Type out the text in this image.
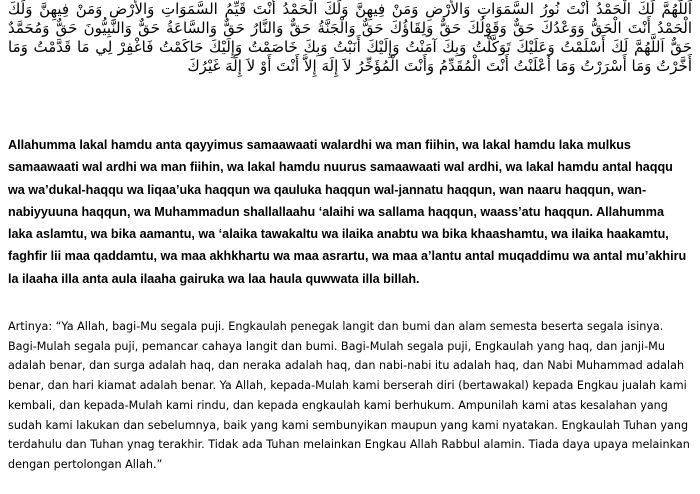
اَللَّهُمَّ لَكَ الْحَمْدُ أَنْتَ نُورُ السَّمَوَاتِ وَالأَرْضِ وَمَنْ فِيهِنَّ وَلَكَ الْحَمْدُ أَنْتَ قَيِّمُ السَّمَوَاتِ وَالأَرْضِ وَمَنْ فِيهِنَّ وَلَكَ الْحَمْدُ أَنْتَ الْحَقُّ وَوَعْدُكَ حَقٌّ وَقَوْلُكَ حَقٌّ وَلِقَاؤُكَ حَقٌّ وَالْجَنَّةُ حَقٌّ وَالنَّارُ حَقٌّ وَالسَّاعَةُ حَقٌّ وَالنَّبِيُّونَ حَقٌّ وَمُحَمَّدٌ حَقٌّ اَللَّهُمَّ لَكَ أَسْلَمْتُ وَعَلَيْكَ تَوَكَّلْتُ وَبِكَ آمَنْتُ وَإِلَيْكَ أَنَبْتُ وَبِكَ خَاصَمْتُ وَإِلَيْكَ حَاكَمْتُ فَاغْفِرْ لِي مَا قَدَّمْتُ وَمَا أَخَّرْتُ وَمَا أَسْرَرْتُ وَمَا أَعْلَنْتُ أَنْتَ الْمُقَدِّمُ وَأَنْتَ الْمُؤَخِّرُ لاَ إِلَهَ إِلاَّ أَنْتَ أَوْ لاَ إِلَهَ غَيْرُكَ

Allahumma lakal hamdu anta qayyimus samaawaati walardhi wa man fiihin, wa lakal hamdu laka mulkus samaawaati wal ardhi wa man fiihin, wa lakal hamdu nuurus samaawaati wal ardhi, wa lakal hamdu antal haqqu wa wa’dukal-haqqu wa liqaa’uka haqqun wa qauluka haqqun wal-jannatu haqqun, wan naaru haqqun, wan-nabiyyuuna haqqun, wa Muhammadun shallallaahu ‘alaihi wa sallama haqqun, waass’atu haqqun. Allahumma laka aslamtu, wa bika aamantu, wa ‘alaika tawakaltu wa ilaika anabtu wa bika khaashamtu, wa ilaika haakamtu, faghfir lii maa qaddamtu, wa maa akhkhartu wa maa asrartu, wa maa a’lantu antal muqaddimu wa antal mu’akhiru la ilaaha illa anta aula ilaaha gairuka wa laa haula quwwata illa billah.

Artinya: “Ya Allah, bagi-Mu segala puji. Engkaulah penegak langit dan bumi dan alam semesta beserta segala isinya. Bagi-Mulah segala puji, pemancar cahaya langit dan bumi. Bagi-Mulah segala puji, Engkaulah yang haq, dan janji-Mu adalah benar, dan surga adalah haq, dan neraka adalah haq, dan nabi-nabi itu adalah haq, dan Nabi Muhammad adalah benar, dan hari kiamat adalah benar. Ya Allah, kepada-Mulah kami berserah diri (bertawakal) kepada Engkau jualah kami kembali, dan kepada-Mulah kami rindu, dan kepada engkaulah kami berhukum. Ampunilah kami atas kesalahan yang sudah kami lakukan dan sebelumnya, baik yang kami sembunyikan maupun yang kami nyatakan. Engkaulah Tuhan yang terdahulu dan Tuhan ynag terakhir. Tidak ada Tuhan melainkan Engkau Allah Rabbul alamin. Tiada daya upaya melainkan dengan pertolongan Allah.”
